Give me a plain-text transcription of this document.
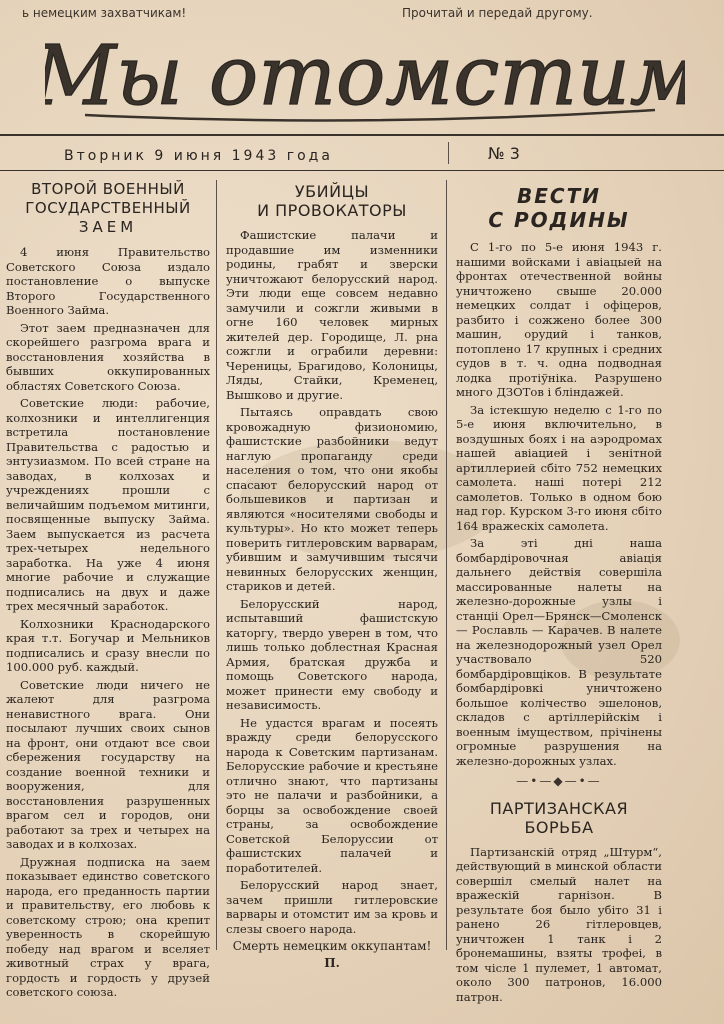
ь немецким захватчикам!	Прочитай и передай другому.
Мы отомстим
Вторник 9 июня 1943 года	№ 3
ВТОРОЙ ВОЕННЫЙ
ГОСУДАРСТВЕННЫЙ
ЗАЕМ

4 июня Правительство Советского Союза издало постановление о выпуске Второго Государственного Военного Займа.

Этот заем предназначен для скорейшего разгрома врага и восстановления хозяйства в бывших оккупированных областях Советского Союза.

Советские люди: рабочие, колхозники и интеллигенция встретила постановление Правительства с радостью и энтузиазмом. По всей стране на заводах, в колхозах и учреждениях прошли с величайшим подъемом митинги, посвященные выпуску Займа. Заем выпускается из расчета трех-четырех недельного заработка. На уже 4 июня многие рабочие и служащие подписались на двух и даже трех месячный заработок.

Колхозники Краснодарского края т.т. Богучар и Мельников подписались и сразу внесли по 100.000 руб. каждый.

Советские люди ничего не жалеют для разгрома ненавистного врага. Они посылают лучших своих сынов на фронт, они отдают все свои сбережения государству на создание военной техники и вооружения, для восстановления разрушенных врагом сел и городов, они работают за трех и четырех на заводах и в колхозах.

Дружная подписка на заем показывает единство советского народа, его преданность партии и правительству, его любовь к советскому строю; она крепит уверенность в скорейшую победу над врагом и вселяет животный страх у врага, гордость и гордость у друзей советского союза.

УБИЙЦЫ
И ПРОВОКАТОРЫ

Фашистские палачи и продавшие им изменники родины, грабят и зверски уничтожают белорусский народ. Эти люди еще совсем недавно замучили и сожгли живыми в огне 160 человек мирных жителей дер. Городище, Л. рна сожгли и ограбили деревни: Череницы, Брагидово, Колоницы, Ляды, Стайки, Кременец, Вышково и другие.

Пытаясь оправдать свою кровожадную физиономию, фашистские разбойники ведут наглую пропаганду среди населения о том, что они якобы спасают белорусский народ от большевиков и партизан и являются «носителями свободы и культуры». Но кто может теперь поверить гитлеровским варварам, убившим и замучившим тысячи невинных белорусских женщин, стариков и детей.

Белорусский народ, испытавший фашистскую каторгу, твердо уверен в том, что лишь только доблестная Красная Армия, братская дружба и помощь Советского народа, может принести ему свободу и независимость.

Не удастся врагам и посеять вражду среди белорусского народа к Советским партизанам. Белорусские рабочие и крестьяне отлично знают, что партизаны это не палачи и разбойники, а борцы за освобождение своей страны, за освобождение Советской Белоруссии от фашистских палачей и поработителей.

Белорусский народ знает, зачем пришли гитлеровские варвары и отомстит им за кровь и слезы своего народа.

Смерть немецким оккупантам!
П.
ВЕСТИ
С РОДИНЫ

С 1-го по 5-е июня 1943 г. нашими войсками і авіацыей на фронтах отечественной войны уничтожено свыше 20.000 немецких солдат і офіцеров, разбито і сожжено более 300 машин, орудий і танков, потоплено 17 крупных і средних судов в т. ч. одна подводная лодка протіўніка. Разрушено много ДЗОТов і бліндажей.

За істекшую неделю с 1-го по 5-е июня включительно, в воздушных боях і на аэродромах нашей авіацией і зенітной артиллерией сбіто 752 немецких самолета. наші потері 212 самолетов. Только в одном бою над гор. Курском 3-го июня сбіто 164 вражескіх самолета.

За эті дні наша бомбардіровочная авіація дальнего действія совершіла массированные налеты на железно-дорожные узлы і станціі Орел—Брянск—Смоленск — Рославль — Карачев. В налете на железнодорожный узел Орел участвовало 520 бомбардіровщіков. В результате бомбардіровкі уничтожено большое колічество эшелонов, складов с артіллерійскім і военным імуществом, прічінены огромные разрушения на железно-дорожных узлах.

—•—◆—•—
ПАРТИЗАНСКАЯ
БОРЬБА

Партизанскій отряд „Штурм“, действующий в минской области совершіл смелый налет на вражескій гарнізон. В результате боя было убіто 31 і ранено 26 гітлеровцев, уничтожен 1 танк і 2 бронемашины, взяты трофеі, в том чісле 1 пулемет, 1 автомат, около 300 патронов, 16.000 патрон.
